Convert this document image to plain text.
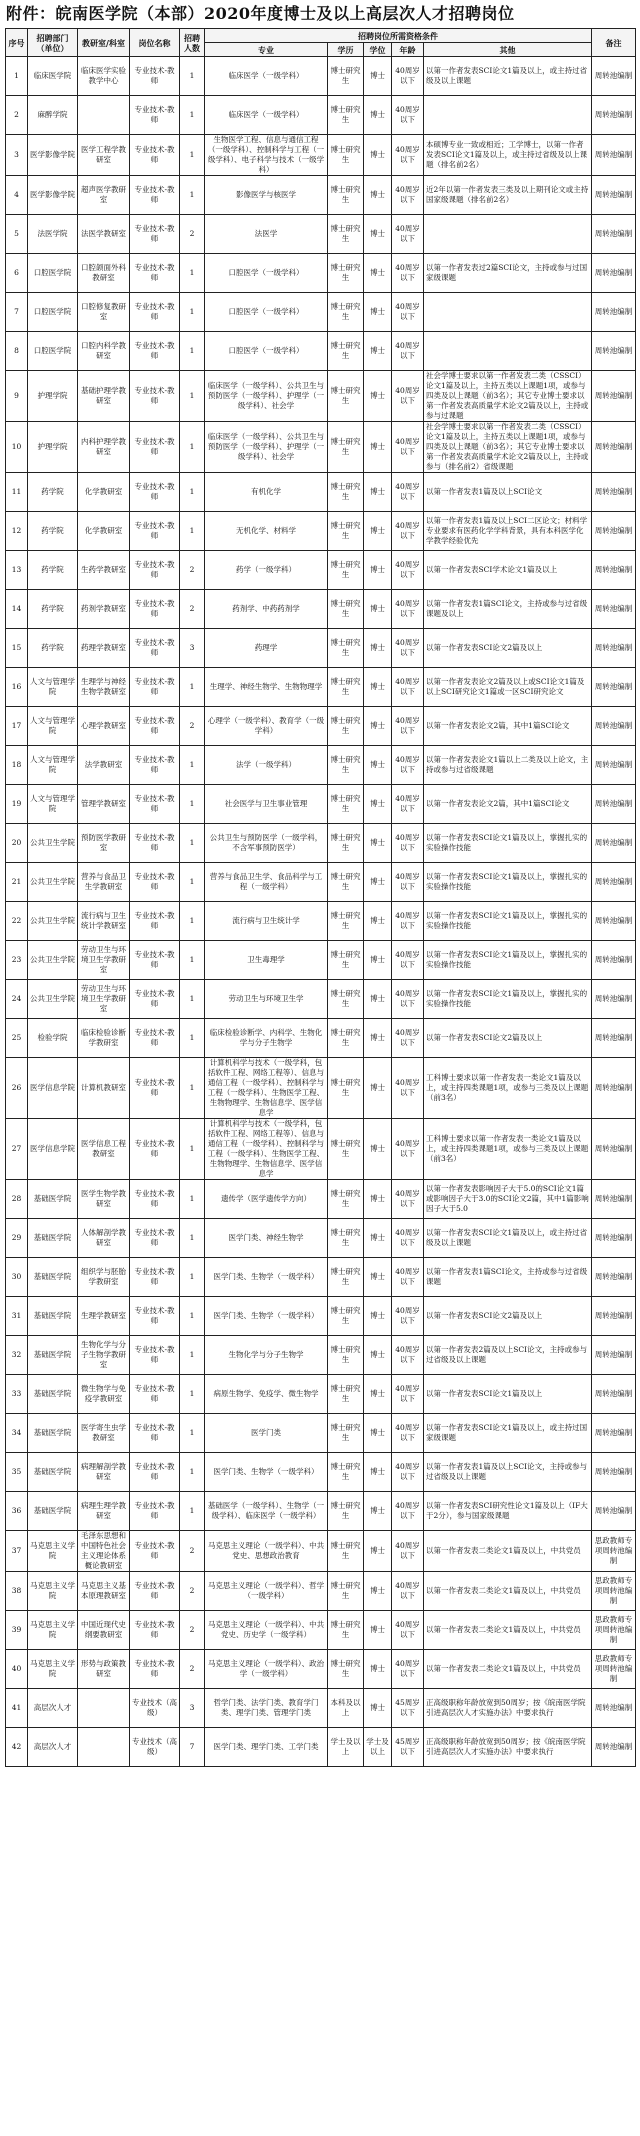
附件：皖南医学院（本部）2020年度博士及以上高层次人才招聘岗位
序号	招聘部门（单位）	教研室/科室	岗位名称	招聘人数	招聘岗位所需资格条件					备注
					专业	学历	学位	年龄	其他	
1	临床医学院	临床医学实验教学中心	专业技术-教师	1	临床医学（一级学科）	博士研究生	博士	40周岁以下	以第一作者发表SCI论文1篇及以上，或主持过省级及以上课题	周转池编制
2	麻醉学院		专业技术-教师	1	临床医学（一级学科）	博士研究生	博士	40周岁以下		周转池编制
3	医学影像学院	医学工程学教研室	专业技术-教师	1	生物医学工程、信息与通信工程（一级学科）、控制科学与工程（一级学科）、电子科学与技术（一级学科）	博士研究生	博士	40周岁以下	本硕博专业一致或相近；工学博士，以第一作者发表SCI论文1篇及以上，或主持过省级及以上课题（排名前2名）	周转池编制
4	医学影像学院	超声医学教研室	专业技术-教师	1	影像医学与核医学	博士研究生	博士	40周岁以下	近2年以第一作者发表三类及以上期刊论文或主持国家级课题（排名前2名）	周转池编制
5	法医学院	法医学教研室	专业技术-教师	2	法医学	博士研究生	博士	40周岁以下		周转池编制
6	口腔医学院	口腔颌面外科教研室	专业技术-教师	1	口腔医学（一级学科）	博士研究生	博士	40周岁以下	以第一作者发表过2篇SCI论文，主持或参与过国家级课题	周转池编制
7	口腔医学院	口腔修复教研室	专业技术-教师	1	口腔医学（一级学科）	博士研究生	博士	40周岁以下		周转池编制
8	口腔医学院	口腔内科学教研室	专业技术-教师	1	口腔医学（一级学科）	博士研究生	博士	40周岁以下		周转池编制
9	护理学院	基础护理学教研室	专业技术-教师	1	临床医学（一级学科）、公共卫生与预防医学（一级学科）、护理学（一级学科）、社会学	博士研究生	博士	40周岁以下	社会学博士要求以第一作者发表二类（CSSCI）论文1篇及以上，主持五类以上课题1项，或参与四类及以上课题（前3名）；其它专业博士要求以第一作者发表高质量学术论文2篇及以上，主持或参与过课题	周转池编制
10	护理学院	内科护理学教研室	专业技术-教师	1	临床医学（一级学科）、公共卫生与预防医学（一级学科）、护理学（一级学科）、社会学	博士研究生	博士	40周岁以下	社会学博士要求以第一作者发表二类（CSSCI）论文1篇及以上，主持五类以上课题1项，或参与四类及以上课题（前3名）；其它专业博士要求以第一作者发表高质量学术论文2篇及以上，主持或参与（排名前2）省级课题	周转池编制
11	药学院	化学教研室	专业技术-教师	1	有机化学	博士研究生	博士	40周岁以下	以第一作者发表1篇及以上SCI论文	周转池编制
12	药学院	化学教研室	专业技术-教师	1	无机化学、材料学	博士研究生	博士	40周岁以下	以第一作者发表1篇及以上SCI二区论文；材料学专业要求有医药化学学科背景，具有本科医学化学教学经验优先	周转池编制
13	药学院	生药学教研室	专业技术-教师	2	药学（一级学科）	博士研究生	博士	40周岁以下	以第一作者发表SCI学术论文1篇及以上	周转池编制
14	药学院	药剂学教研室	专业技术-教师	2	药剂学、中药药剂学	博士研究生	博士	40周岁以下	以第一作者发表1篇SCI论文，主持或参与过省级课题及以上	周转池编制
15	药学院	药理学教研室	专业技术-教师	3	药理学	博士研究生	博士	40周岁以下	以第一作者发表SCI论文2篇及以上	周转池编制
16	人文与管理学院	生理学与神经生物学教研室	专业技术-教师	1	生理学、神经生物学、生物物理学	博士研究生	博士	40周岁以下	以第一作者发表论文2篇及以上或SCI论文1篇及以上SCI研究论文1篇或一区SCI研究论文	周转池编制
17	人文与管理学院	心理学教研室	专业技术-教师	2	心理学（一级学科）、教育学（一级学科）	博士研究生	博士	40周岁以下	以第一作者发表论文2篇，其中1篇SCI论文	周转池编制
18	人文与管理学院	法学教研室	专业技术-教师	1	法学（一级学科）	博士研究生	博士	40周岁以下	以第一作者发表论文1篇以上二类及以上论文，主持或参与过省级课题	周转池编制
19	人文与管理学院	管理学教研室	专业技术-教师	1	社会医学与卫生事业管理	博士研究生	博士	40周岁以下	以第一作者发表论文2篇，其中1篇SCI论文	周转池编制
20	公共卫生学院	预防医学教研室	专业技术-教师	1	公共卫生与预防医学（一级学科，不含军事预防医学）	博士研究生	博士	40周岁以下	以第一作者发表SCI论文1篇及以上，掌握扎实的实验操作技能	周转池编制
21	公共卫生学院	营养与食品卫生学教研室	专业技术-教师	1	营养与食品卫生学、食品科学与工程（一级学科）	博士研究生	博士	40周岁以下	以第一作者发表SCI论文1篇及以上，掌握扎实的实验操作技能	周转池编制
22	公共卫生学院	流行病与卫生统计学教研室	专业技术-教师	1	流行病与卫生统计学	博士研究生	博士	40周岁以下	以第一作者发表SCI论文1篇及以上，掌握扎实的实验操作技能	周转池编制
23	公共卫生学院	劳动卫生与环境卫生学教研室	专业技术-教师	1	卫生毒理学	博士研究生	博士	40周岁以下	以第一作者发表SCI论文1篇及以上，掌握扎实的实验操作技能	周转池编制
24	公共卫生学院	劳动卫生与环境卫生学教研室	专业技术-教师	1	劳动卫生与环境卫生学	博士研究生	博士	40周岁以下	以第一作者发表SCI论文1篇及以上，掌握扎实的实验操作技能	周转池编制
25	检验学院	临床检验诊断学教研室	专业技术-教师	1	临床检验诊断学、内科学、生物化学与分子生物学	博士研究生	博士	40周岁以下	以第一作者发表SCI论文2篇及以上	周转池编制
26	医学信息学院	计算机教研室	专业技术-教师	1	计算机科学与技术（一级学科，包括软件工程、网络工程等）、信息与通信工程（一级学科）、控制科学与工程（一级学科）、生物医学工程、生物物理学、生物信息学、医学信息学	博士研究生	博士	40周岁以下	工科博士要求以第一作者发表一类论文1篇及以上，或主持四类课题1项，或参与三类及以上课题（前3名）	周转池编制
27	医学信息学院	医学信息工程教研室	专业技术-教师	1	计算机科学与技术（一级学科，包括软件工程、网络工程等）、信息与通信工程（一级学科）、控制科学与工程（一级学科）、生物医学工程、生物物理学、生物信息学、医学信息学	博士研究生	博士	40周岁以下	工科博士要求以第一作者发表一类论文1篇及以上，或主持四类课题1项，或参与三类及以上课题（前3名）	周转池编制
28	基础医学院	医学生物学教研室	专业技术-教师	1	遗传学（医学遗传学方向）	博士研究生	博士	40周岁以下	以第一作者发表影响因子大于5.0的SCI论文1篇或影响因子大于3.0的SCI论文2篇，其中1篇影响因子大于5.0	周转池编制
29	基础医学院	人体解剖学教研室	专业技术-教师	1	医学门类、神经生物学	博士研究生	博士	40周岁以下	以第一作者发表SCI论文1篇及以上，或主持过省级及以上课题	周转池编制
30	基础医学院	组织学与胚胎学教研室	专业技术-教师	1	医学门类、生物学（一级学科）	博士研究生	博士	40周岁以下	以第一作者发表1篇SCI论文，主持或参与过省级课题	周转池编制
31	基础医学院	生理学教研室	专业技术-教师	1	医学门类、生物学（一级学科）	博士研究生	博士	40周岁以下	以第一作者发表SCI论文2篇及以上	周转池编制
32	基础医学院	生物化学与分子生物学教研室	专业技术-教师	1	生物化学与分子生物学	博士研究生	博士	40周岁以下	以第一作者发表2篇及以上SCI论文，主持或参与过省级及以上课题	周转池编制
33	基础医学院	微生物学与免疫学教研室	专业技术-教师	1	病原生物学、免疫学、微生物学	博士研究生	博士	40周岁以下	以第一作者发表SCI论文1篇及以上	周转池编制
34	基础医学院	医学寄生虫学教研室	专业技术-教师	1	医学门类	博士研究生	博士	40周岁以下	以第一作者发表SCI论文1篇及以上，或主持过国家级课题	周转池编制
35	基础医学院	病理解剖学教研室	专业技术-教师	1	医学门类、生物学（一级学科）	博士研究生	博士	40周岁以下	以第一作者发表1篇及以上SCI论文，主持或参与过省级及以上课题	周转池编制
36	基础医学院	病理生理学教研室	专业技术-教师	1	基础医学（一级学科）、生物学（一级学科）、临床医学（一级学科）	博士研究生	博士	40周岁以下	以第一作者发表SCI研究性论文1篇及以上（IF大于2分），参与国家级课题	周转池编制
37	马克思主义学院	毛泽东思想和中国特色社会主义理论体系概论教研室	专业技术-教师	2	马克思主义理论（一级学科）、中共党史、思想政治教育	博士研究生	博士	40周岁以下	以第一作者发表二类论文1篇及以上，中共党员	思政教师专项周转池编制
38	马克思主义学院	马克思主义基本原理教研室	专业技术-教师	2	马克思主义理论（一级学科）、哲学（一级学科）	博士研究生	博士	40周岁以下	以第一作者发表二类论文1篇及以上，中共党员	思政教师专项周转池编制
39	马克思主义学院	中国近现代史纲要教研室	专业技术-教师	2	马克思主义理论（一级学科）、中共党史、历史学（一级学科）	博士研究生	博士	40周岁以下	以第一作者发表二类论文1篇及以上，中共党员	思政教师专项周转池编制
40	马克思主义学院	形势与政策教研室	专业技术-教师	2	马克思主义理论（一级学科）、政治学（一级学科）	博士研究生	博士	40周岁以下	以第一作者发表二类论文1篇及以上，中共党员	思政教师专项周转池编制
41	高层次人才		专业技术（高级）	3	哲学门类、法学门类、教育学门类、理学门类、管理学门类	本科及以上	博士	45周岁以下	正高级职称年龄放宽到50周岁；按《皖南医学院引进高层次人才实施办法》中要求执行	周转池编制
42	高层次人才		专业技术（高级）	7	医学门类、理学门类、工学门类	学士及以上	学士及以上	45周岁以下	正高级职称年龄放宽到50周岁；按《皖南医学院引进高层次人才实施办法》中要求执行	周转池编制
